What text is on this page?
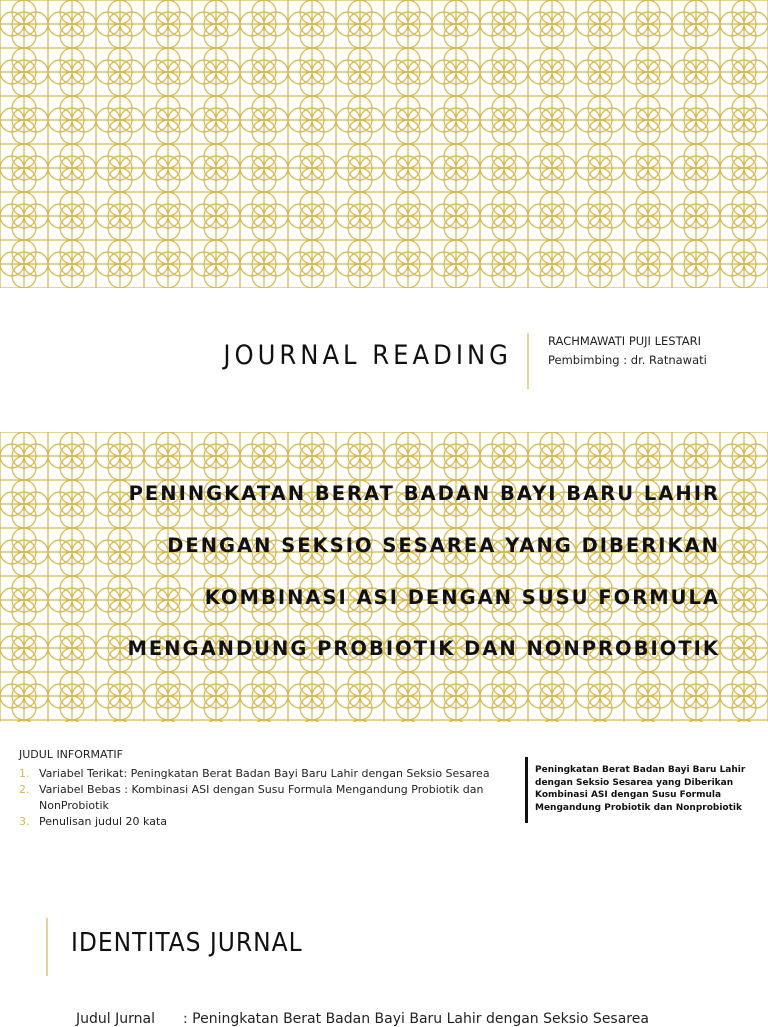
JOURNAL READING	RACHMAWATI PUJI LESTARI
Pembimbing : dr. Ratnawati
PENINGKATAN BERAT BADAN BAYI BARU LAHIR
DENGAN SEKSIO SESAREA YANG DIBERIKAN
KOMBINASI ASI DENGAN SUSU FORMULA
MENGANDUNG PROBIOTIK DAN NONPROBIOTIK
JUDUL INFORMATIF
1. Variabel Terikat: Peningkatan Berat Badan Bayi Baru Lahir dengan Seksio Sesarea
2. Variabel Bebas : Kombinasi ASI dengan Susu Formula Mengandung Probiotik dan NonProbiotik
3. Penulisan judul 20 kata
Peningkatan Berat Badan Bayi Baru Lahir dengan Seksio Sesarea yang Diberikan Kombinasi ASI dengan Susu Formula Mengandung Probiotik dan Nonprobiotik
IDENTITAS JURNAL
Judul Jurnal : Peningkatan Berat Badan Bayi Baru Lahir dengan Seksio Sesarea
